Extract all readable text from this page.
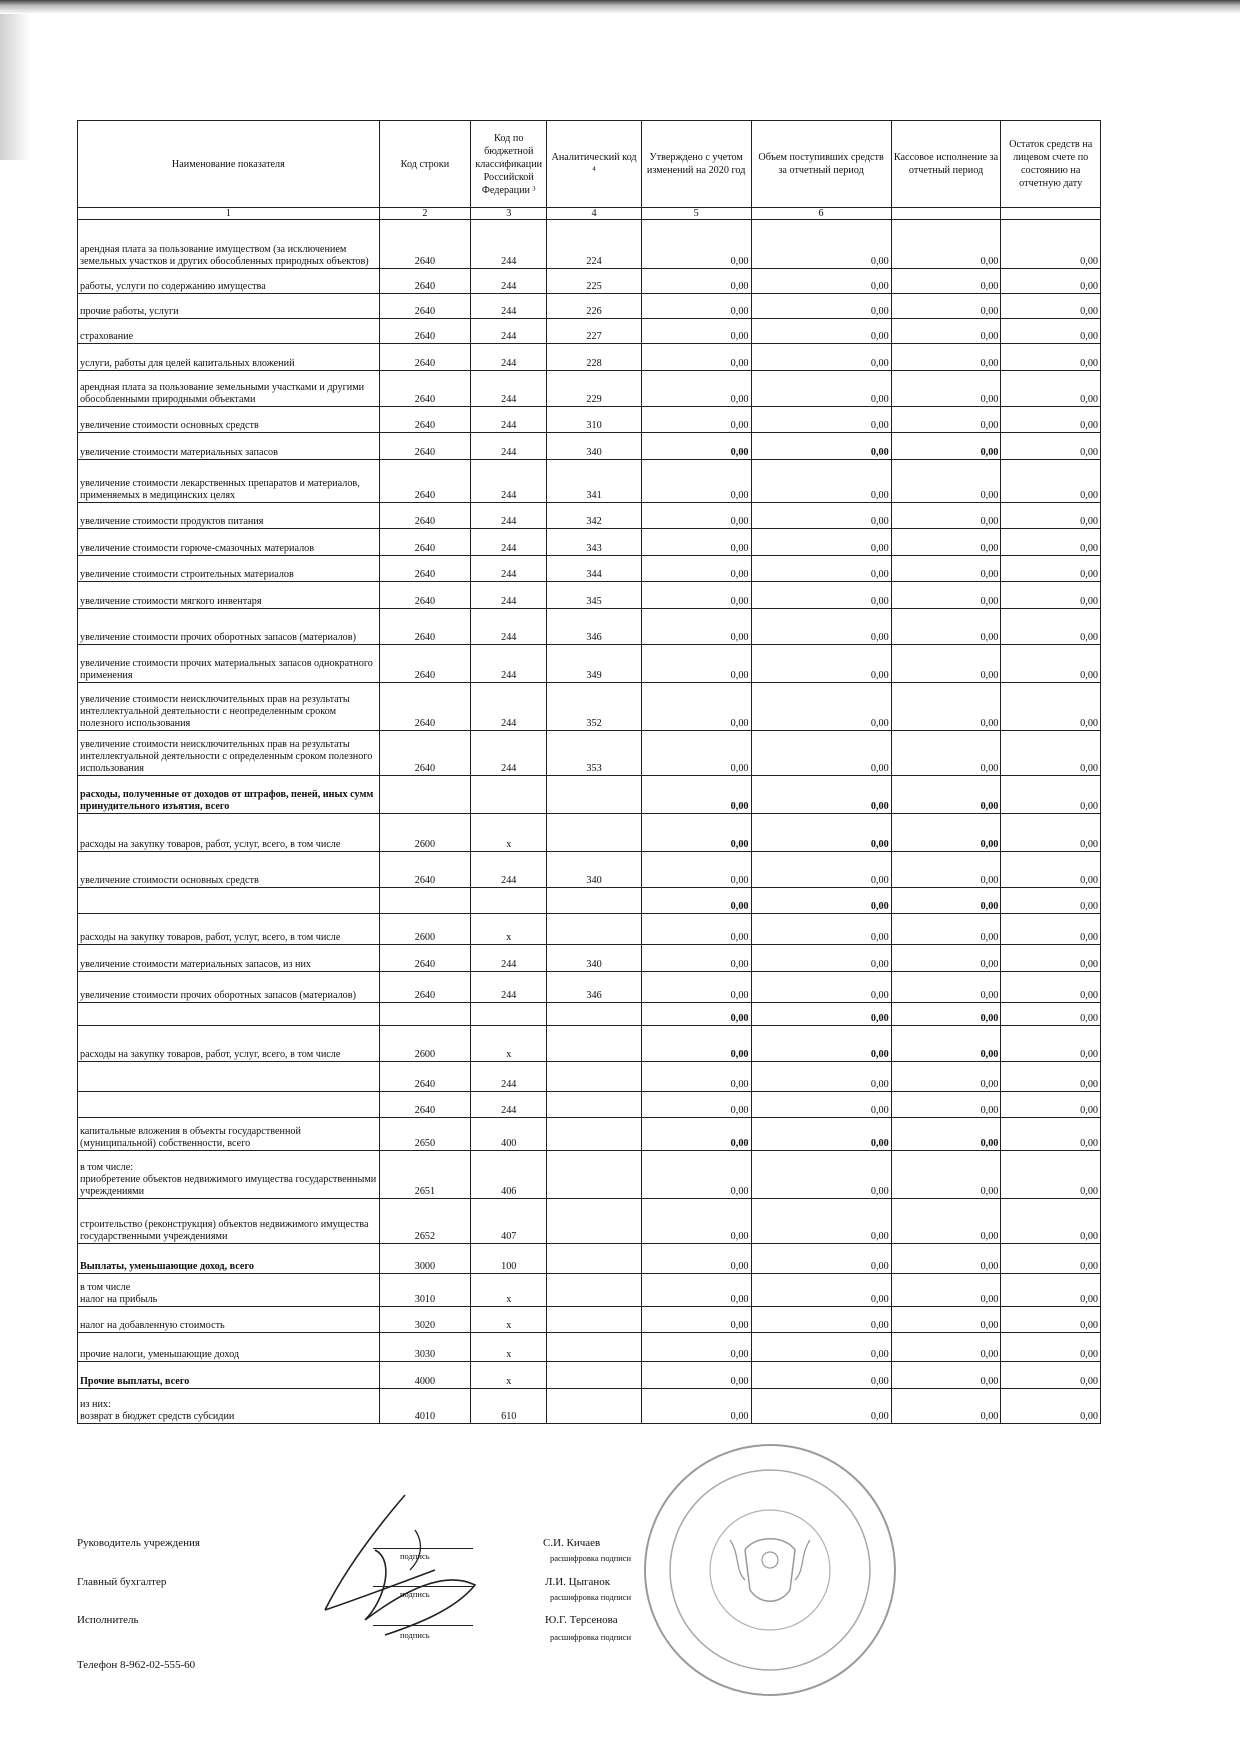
Наименование показателя	Код строки	Код по бюджетной классификации Российской Федерации ³	Аналитический код ⁴	Утверждено с учетом изменений на 2020 год	Объем поступивших средств за отчетный период	Кассовое исполнение за отчетный период	Остаток средств на лицевом счете по состоянию на отчетную дату
1	2	3	4	5	6		
арендная плата за пользование имуществом (за исключением земельных участков и других обособленных природных объектов)	2640	244	224	0,00	0,00	0,00	0,00
работы, услуги по содержанию имущества	2640	244	225	0,00	0,00	0,00	0,00
прочие работы, услуги	2640	244	226	0,00	0,00	0,00	0,00
страхование	2640	244	227	0,00	0,00	0,00	0,00
услуги, работы для целей капитальных вложений	2640	244	228	0,00	0,00	0,00	0,00
арендная плата за пользование земельными участками и другими обособленными природными объектами	2640	244	229	0,00	0,00	0,00	0,00
увеличение стоимости основных средств	2640	244	310	0,00	0,00	0,00	0,00
увеличение стоимости материальных запасов	2640	244	340	0,00	0,00	0,00	0,00
увеличение стоимости лекарственных препаратов и материалов, применяемых в медицинских целях	2640	244	341	0,00	0,00	0,00	0,00
увеличение стоимости продуктов питания	2640	244	342	0,00	0,00	0,00	0,00
увеличение стоимости горюче-смазочных материалов	2640	244	343	0,00	0,00	0,00	0,00
увеличение стоимости строительных материалов	2640	244	344	0,00	0,00	0,00	0,00
увеличение стоимости мягкого инвентаря	2640	244	345	0,00	0,00	0,00	0,00
увеличение стоимости прочих оборотных запасов (материалов)	2640	244	346	0,00	0,00	0,00	0,00
увеличение стоимости прочих материальных запасов однократного применения	2640	244	349	0,00	0,00	0,00	0,00
увеличение стоимости неисключительных прав на результаты интеллектуальной деятельности с неопределенным сроком полезного использования	2640	244	352	0,00	0,00	0,00	0,00
увеличение стоимости неисключительных прав на результаты интеллектуальной деятельности с определенным сроком полезного использования	2640	244	353	0,00	0,00	0,00	0,00
расходы, полученные от доходов от штрафов, пеней, иных сумм принудительного изъятия, всего				0,00	0,00	0,00	0,00
расходы на закупку товаров, работ, услуг, всего, в том числе	2600	x		0,00	0,00	0,00	0,00
увеличение стоимости основных средств	2640	244	340	0,00	0,00	0,00	0,00
				0,00	0,00	0,00	0,00
расходы на закупку товаров, работ, услуг, всего, в том числе	2600	x		0,00	0,00	0,00	0,00
увеличение стоимости материальных запасов, из них	2640	244	340	0,00	0,00	0,00	0,00
увеличение стоимости прочих оборотных запасов (материалов)	2640	244	346	0,00	0,00	0,00	0,00
				0,00	0,00	0,00	0,00
расходы на закупку товаров, работ, услуг, всего, в том числе	2600	x		0,00	0,00	0,00	0,00
	2640	244		0,00	0,00	0,00	0,00
	2640	244		0,00	0,00	0,00	0,00
капитальные вложения в объекты государственной (муниципальной) собственности, всего	2650	400		0,00	0,00	0,00	0,00
в том числе:
приобретение объектов недвижимого имущества государственными учреждениями	2651	406		0,00	0,00	0,00	0,00
строительство (реконструкция) объектов недвижимого имущества государственными учреждениями	2652	407		0,00	0,00	0,00	0,00
Выплаты, уменьшающие доход, всего	3000	100		0,00	0,00	0,00	0,00
в том числе
налог на прибыль	3010	x		0,00	0,00	0,00	0,00
налог на добавленную стоимость	3020	x		0,00	0,00	0,00	0,00
прочие налоги, уменьшающие доход	3030	x		0,00	0,00	0,00	0,00
Прочие выплаты, всего	4000	x		0,00	0,00	0,00	0,00
из них:
возврат в бюджет средств субсидии	4010	610		0,00	0,00	0,00	0,00
Руководитель учреждения
подпись
С.И. Кичаев
расшифровка подписи
Главный бухгалтер
подпись
Л.И. Цыганок
расшифровка подписи
Исполнитель
подпись
Ю.Г. Терсенова
расшифровка подписи
Телефон 8-962-02-555-60
